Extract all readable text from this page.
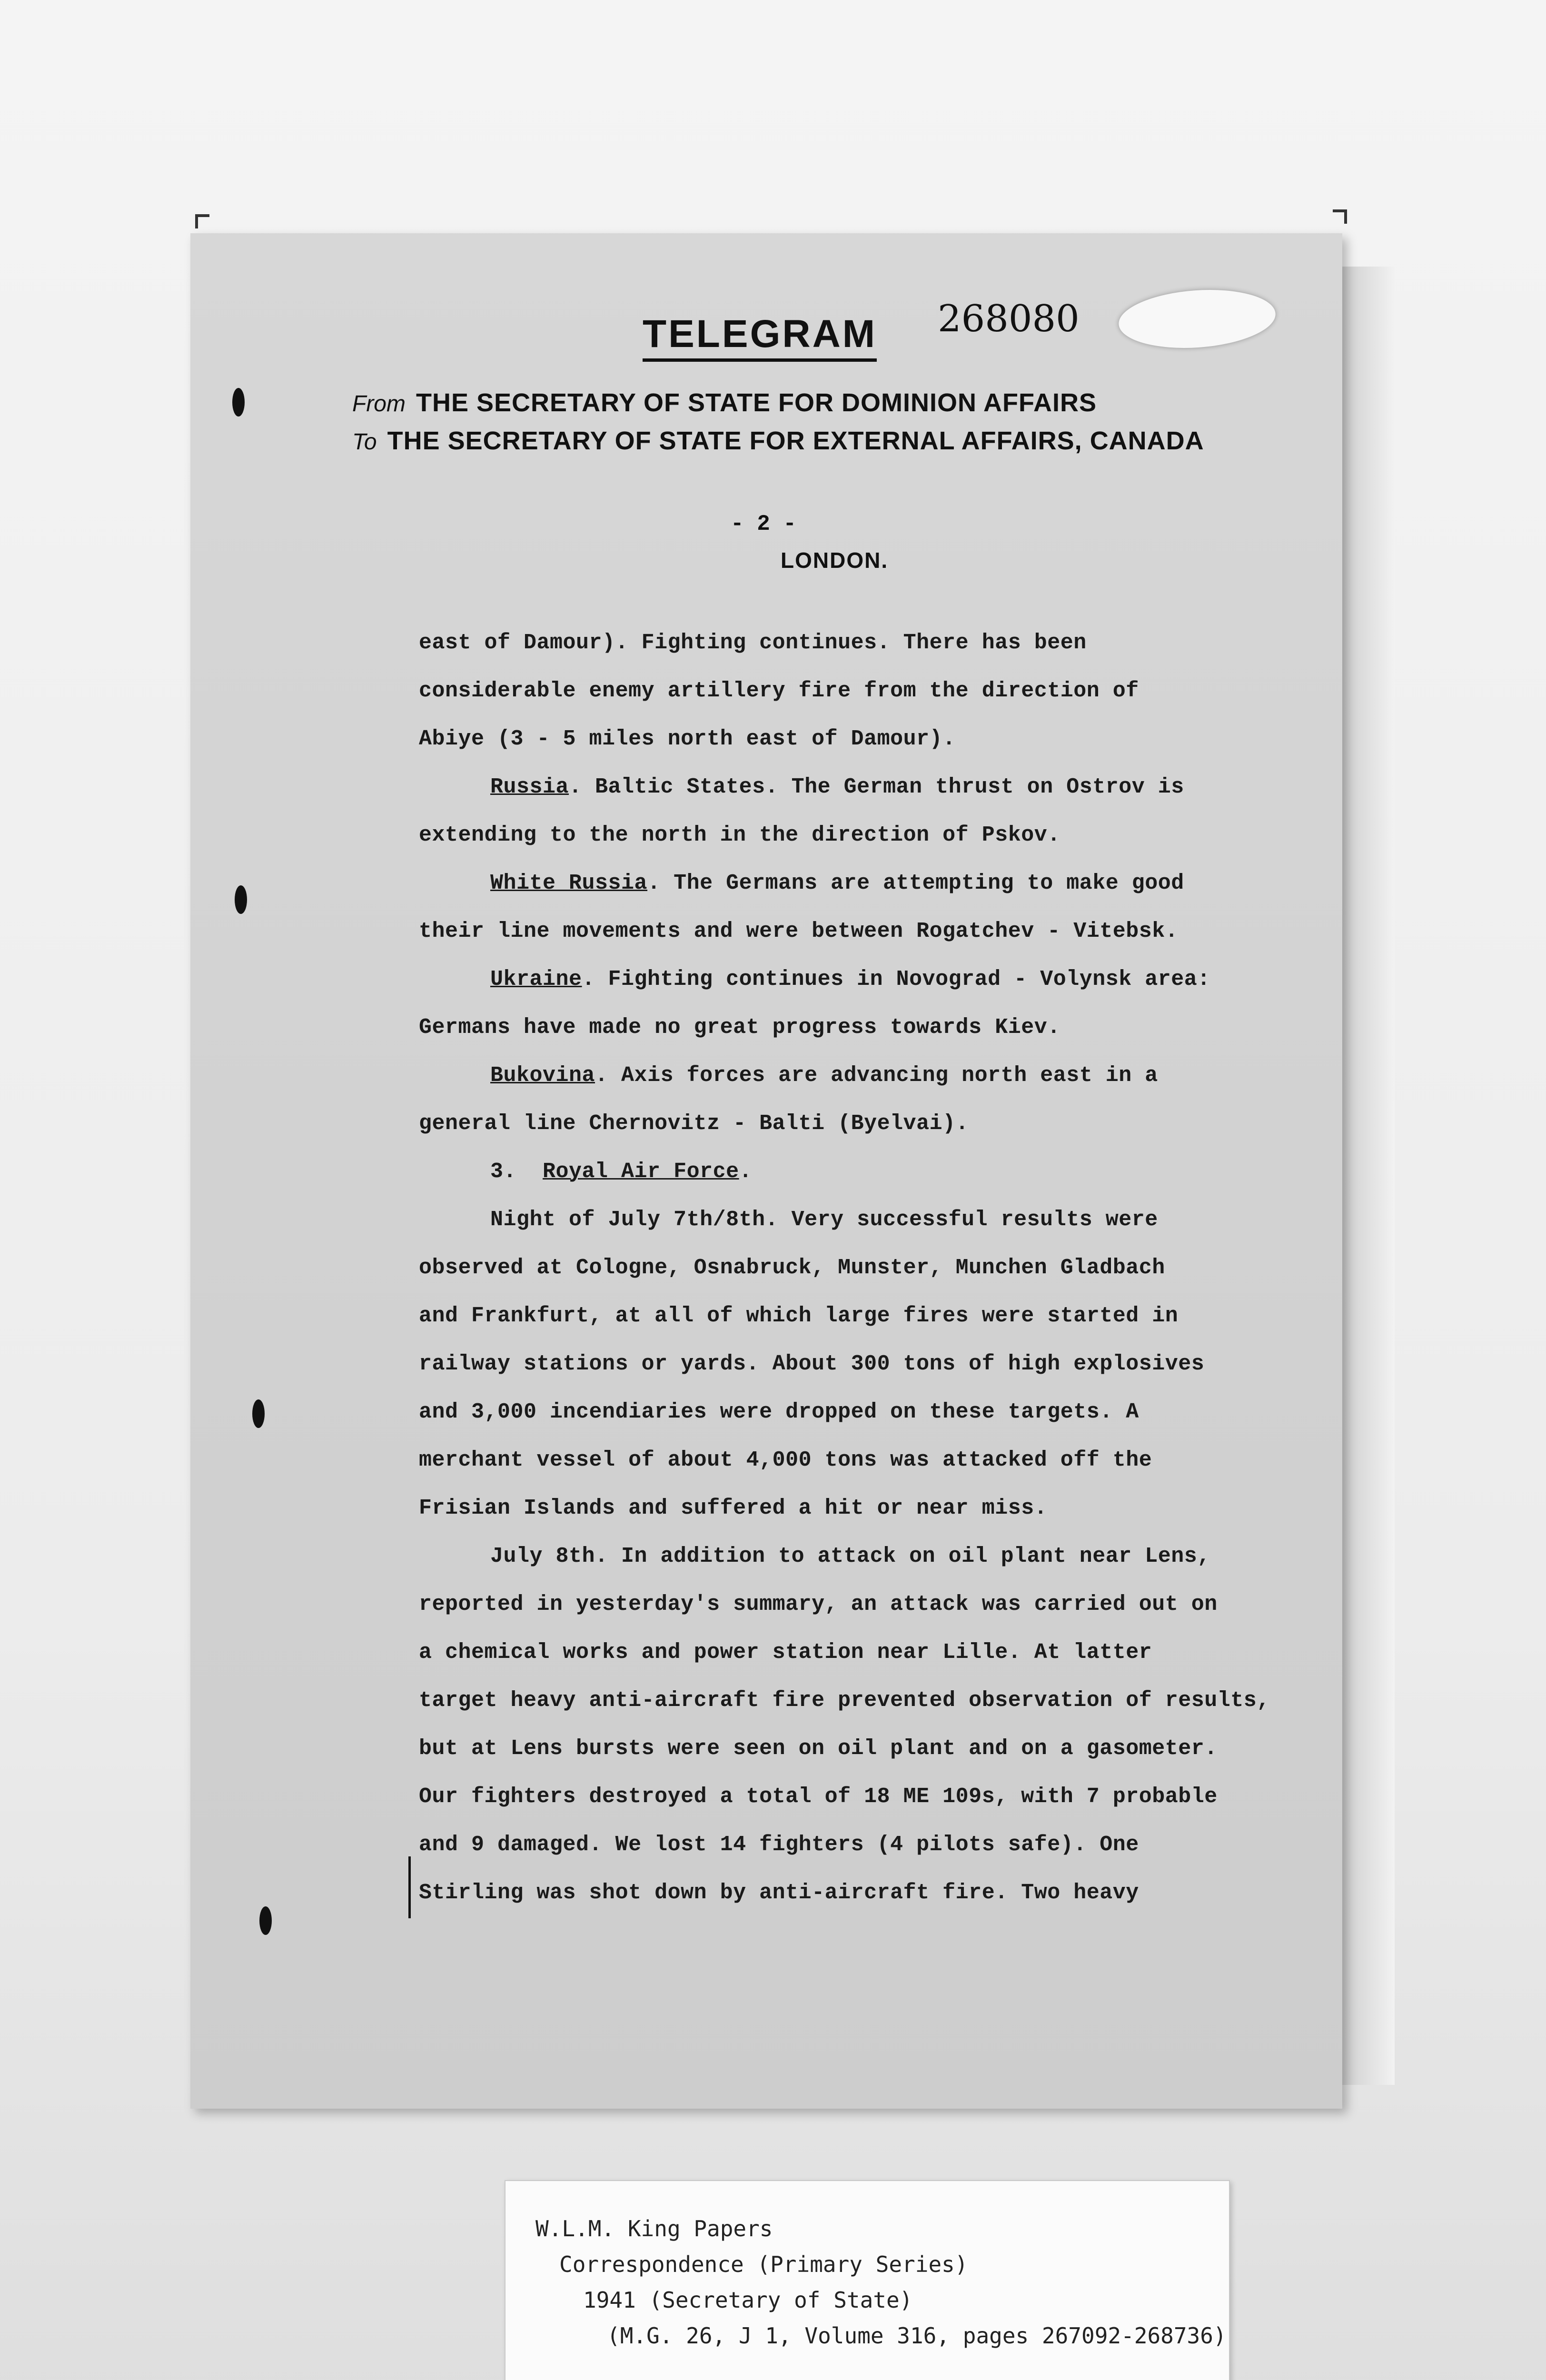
TELEGRAM 268080
From THE SECRETARY OF STATE FOR DOMINION AFFAIRS
To THE SECRETARY OF STATE FOR EXTERNAL AFFAIRS, CANADA
- 2 -
LONDON.
east of Damour). Fighting continues. There has been
considerable enemy artillery fire from the direction of
Abiye (3 - 5 miles north east of Damour).
Russia. Baltic States. The German thrust on Ostrov is
extending to the north in the direction of Pskov.
White Russia. The Germans are attempting to make good
their line movements and were between Rogatchev - Vitebsk.
Ukraine. Fighting continues in Novograd - Volynsk area:
Germans have made no great progress towards Kiev.
Bukovina. Axis forces are advancing north east in a
general line Chernovitz - Balti (Byelvai).
3.  Royal Air Force.
Night of July 7th/8th. Very successful results were
observed at Cologne, Osnabruck, Munster, Munchen Gladbach
and Frankfurt, at all of which large fires were started in
railway stations or yards. About 300 tons of high explosives
and 3,000 incendiaries were dropped on these targets. A
merchant vessel of about 4,000 tons was attacked off the
Frisian Islands and suffered a hit or near miss.
July 8th. In addition to attack on oil plant near Lens,
reported in yesterday's summary, an attack was carried out on
a chemical works and power station near Lille. At latter
target heavy anti-aircraft fire prevented observation of results,
but at Lens bursts were seen on oil plant and on a gasometer.
Our fighters destroyed a total of 18 ME 109s, with 7 probable
and 9 damaged. We lost 14 fighters (4 pilots safe). One
Stirling was shot down by anti-aircraft fire. Two heavy
W.L.M. King Papers
Correspondence (Primary Series)
1941 (Secretary of State)
(M.G. 26, J 1, Volume 316, pages 267092-268736)
